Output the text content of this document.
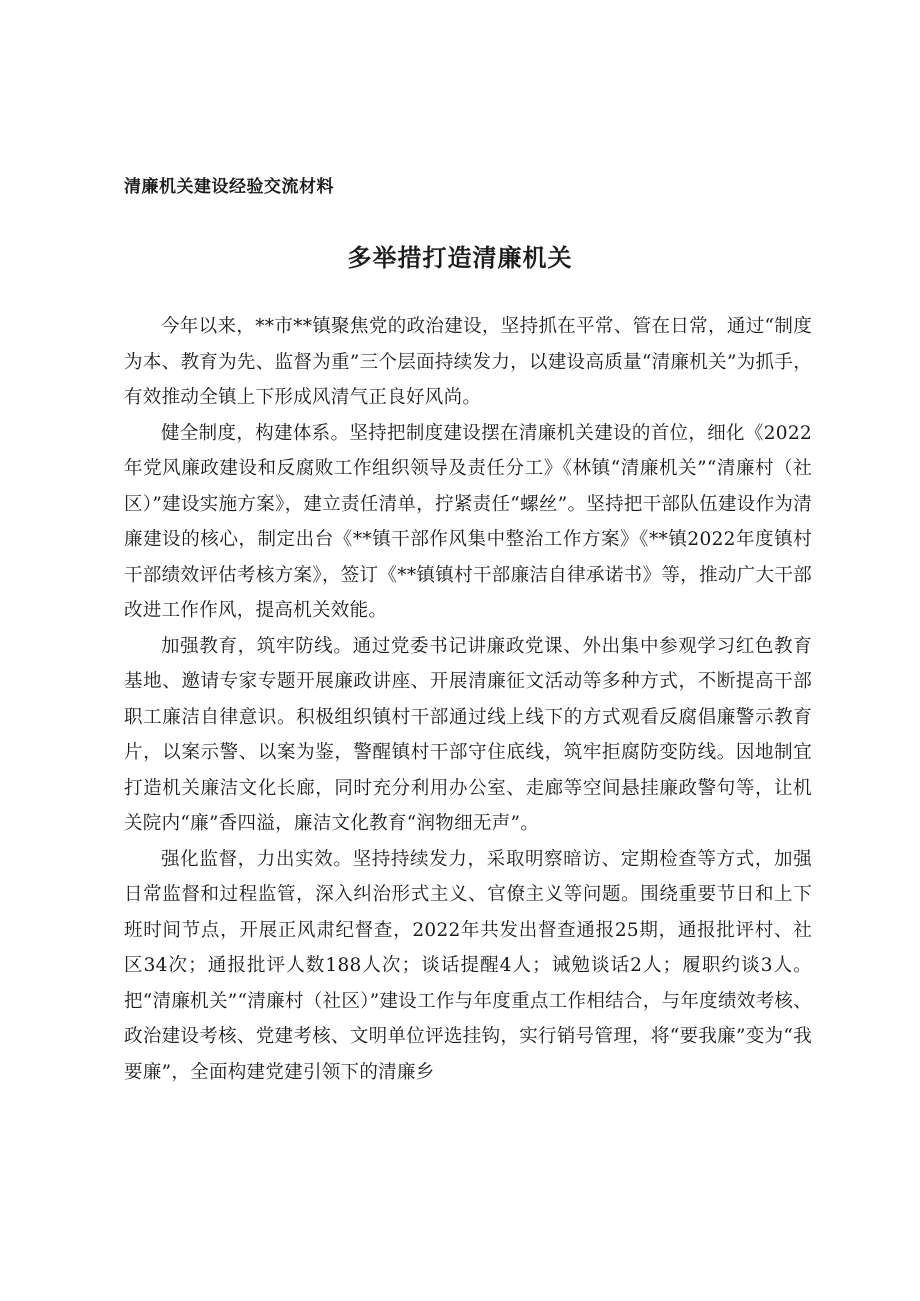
清廉机关建设经验交流材料
多举措打造清廉机关

今年以来，**市**镇聚焦党的政治建设，坚持抓在平常、管在日常，通过“制度为本、教育为先、监督为重”三个层面持续发力，以建设高质量“清廉机关”为抓手，有效推动全镇上下形成风清气正良好风尚。

健全制度，构建体系。坚持把制度建设摆在清廉机关建设的首位，细化《2022年党风廉政建设和反腐败工作组织领导及责任分工》《林镇“清廉机关”“清廉村（社区）”建设实施方案》，建立责任清单，拧紧责任“螺丝”。坚持把干部队伍建设作为清廉建设的核心，制定出台《**镇干部作风集中整治工作方案》《**镇2022年度镇村干部绩效评估考核方案》，签订《**镇镇村干部廉洁自律承诺书》等，推动广大干部改进工作作风，提高机关效能。

加强教育，筑牢防线。通过党委书记讲廉政党课、外出集中参观学习红色教育基地、邀请专家专题开展廉政讲座、开展清廉征文活动等多种方式，不断提高干部职工廉洁自律意识。积极组织镇村干部通过线上线下的方式观看反腐倡廉警示教育片，以案示警、以案为鉴，警醒镇村干部守住底线，筑牢拒腐防变防线。因地制宜打造机关廉洁文化长廊，同时充分利用办公室、走廊等空间悬挂廉政警句等，让机关院内“廉”香四溢，廉洁文化教育“润物细无声”。

强化监督，力出实效。坚持持续发力，采取明察暗访、定期检查等方式，加强日常监督和过程监管，深入纠治形式主义、官僚主义等问题。围绕重要节日和上下班时间节点，开展正风肃纪督查，2022年共发出督查通报25期，通报批评村、社区34次；通报批评人数188人次；谈话提醒4人；诫勉谈话2人；履职约谈3人。把“清廉机关”“清廉村（社区）”建设工作与年度重点工作相结合，与年度绩效考核、政治建设考核、党建考核、文明单位评选挂钩，实行销号管理，将“要我廉”变为“我要廉”，全面构建党建引领下的清廉乡
